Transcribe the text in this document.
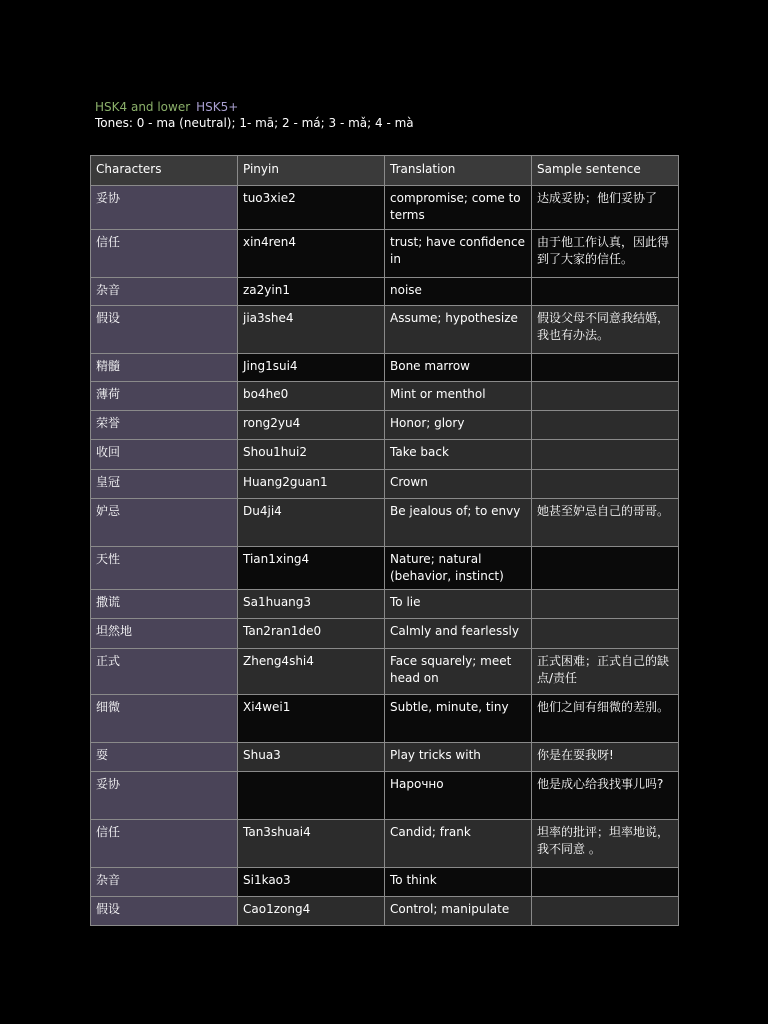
HSK4 and lower HSK5+
Tones: 0 - ma (neutral); 1- mā; 2 - má; 3 - mǎ; 4 - mà
Characters	Pinyin	Translation	Sample sentence
妥协	tuo3xie2	compromise; come to terms	达成妥协；他们妥协了
信任	xin4ren4	trust; have confidence in	由于他工作认真，因此得到了大家的信任。
杂音	za2yin1	noise	
假设	jia3she4	Assume; hypothesize	假设父母不同意我结婚，我也有办法。
精髓	Jing1sui4	Bone marrow	
薄荷	bo4he0	Mint or menthol	
荣誉	rong2yu4	Honor; glory	
收回	Shou1hui2	Take back	
皇冠	Huang2guan1	Crown	
妒忌	Du4ji4	Be jealous of; to envy	她甚至妒忌自己的哥哥。
天性	Tian1xing4	Nature; natural (behavior, instinct)	
撒谎	Sa1huang3	To lie	
坦然地	Tan2ran1de0	Calmly and fearlessly	
正式	Zheng4shi4	Face squarely; meet head on	正式困难；正式自己的缺点/责任
细微	Xi4wei1	Subtle, minute, tiny	他们之间有细微的差别。
耍	Shua3	Play tricks with	你是在耍我呀!
妥协		Нарочно	他是成心给我找事儿吗?
信任	Tan3shuai4	Candid; frank	坦率的批评；坦率地说，我不同意 。
杂音	Si1kao3	To think	
假设	Cao1zong4	Control; manipulate	
